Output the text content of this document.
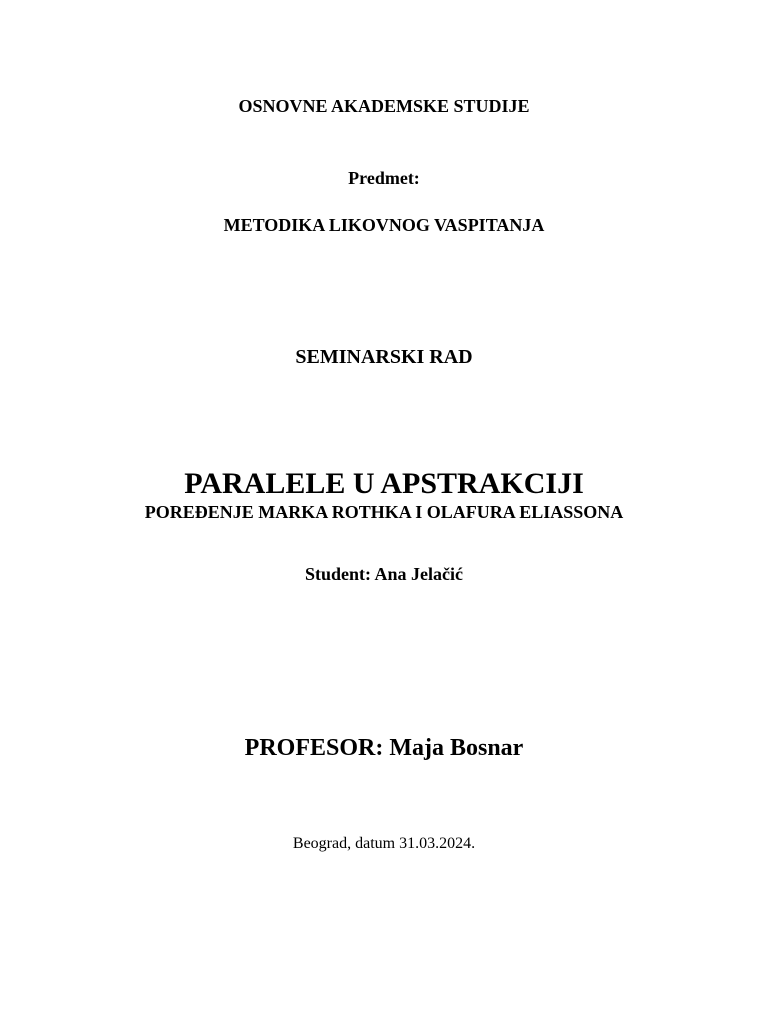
OSNOVNE AKADEMSKE STUDIJE
Predmet:
METODIKA LIKOVNOG VASPITANJA
SEMINARSKI RAD
PARALELE U APSTRAKCIJI
POREĐENJE MARKA ROTHKA I OLAFURA ELIASSONA
Student: Ana Jelačić
PROFESOR: Maja Bosnar
Beograd, datum 31.03.2024.
